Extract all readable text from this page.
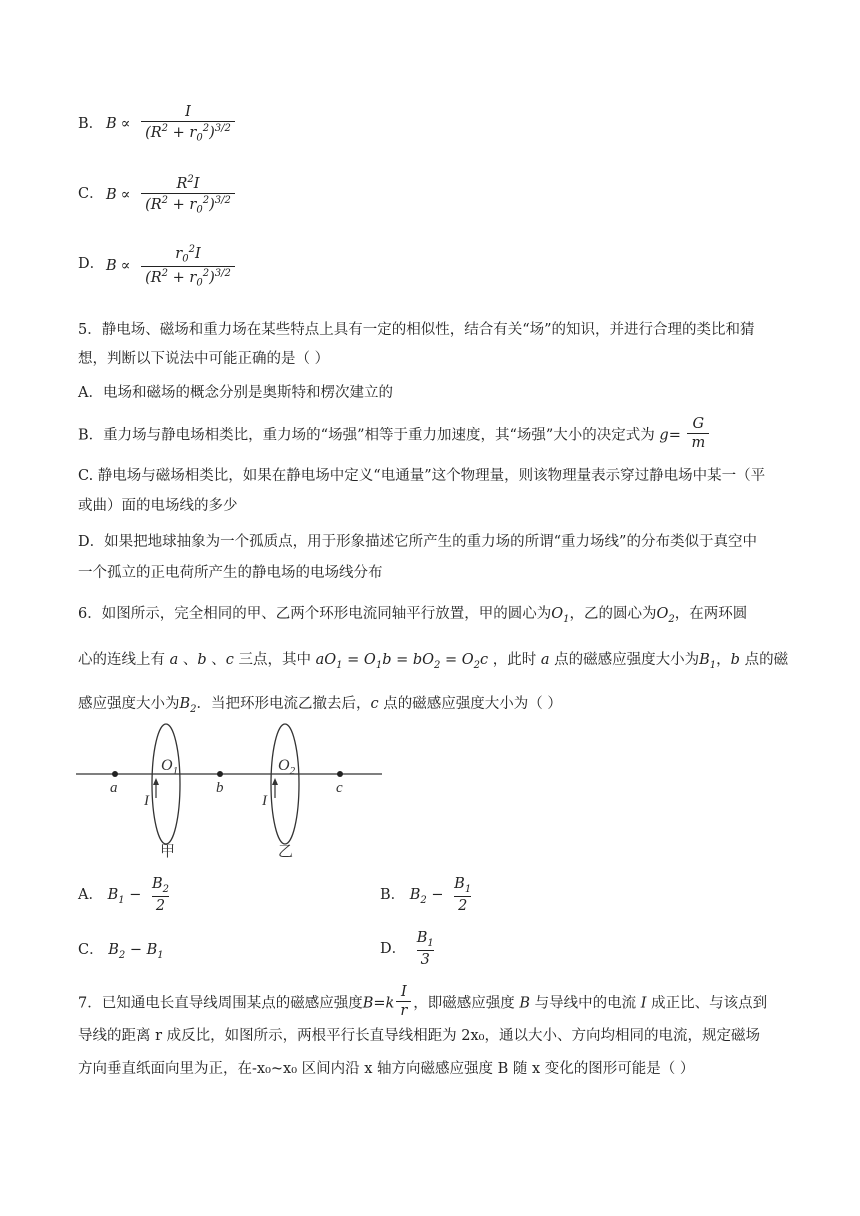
B． $B \propto \frac{I}{(R^2 + r_0^2)^{3/2}}$
C． $B \propto \frac{R^2I}{(R^2 + r_0^2)^{3/2}}$
D． $B \propto \frac{r_0^2I}{(R^2 + r_0^2)^{3/2}}$
5．静电场、磁场和重力场在某些特点上具有一定的相似性，结合有关“场”的知识，并进行合理的类比和猜
想，判断以下说法中可能正确的是（ ）
A．电场和磁场的概念分别是奥斯特和楞次建立的
B．重力场与静电场相类比，重力场的“场强”相等于重力加速度，其“场强”大小的决定式为 $g= \frac{G}{m}$
C. 静电场与磁场相类比，如果在静电场中定义“电通量”这个物理量，则该物理量表示穿过静电场中某一（平
或曲）面的电场线的多少
D．如果把地球抽象为一个孤质点，用于形象描述它所产生的重力场的所谓“重力场线”的分布类似于真空中
一个孤立的正电荷所产生的静电场的电场线分布
6．如图所示，完全相同的甲、乙两个环形电流同轴平行放置，甲的圆心为$O_1$，乙的圆心为$O_2$，在两环圆
心的连线上有 a 、b 、c 三点，其中 $aO_1 = O_1b = bO_2 = O_2c$ ，此时 a 点的磁感应强度大小为$B_1$，b 点的磁
感应强度大小为$B_2$．当把环形电流乙撤去后，c 点的磁感应强度大小为（ ）
a	b	c
$O_1$	$O_2$
I	I
甲	乙
A． $B_1 - \frac{B_2}{2}$	B． $B_2 - \frac{B_1}{2}$
C． $B_2 - B_1$	D． $\frac{B_1}{3}$
7．已知通电长直导线周围某点的磁感应强度$B=k \frac{I}{r}$ ，即磁感应强度 B 与导线中的电流 I 成正比、与该点到
导线的距离 r 成反比，如图所示，两根平行长直导线相距为 2x₀，通以大小、方向均相同的电流，规定磁场
方向垂直纸面向里为正，在-x₀~x₀ 区间内沿 x 轴方向磁感应强度 B 随 x 变化的图形可能是（ ）
